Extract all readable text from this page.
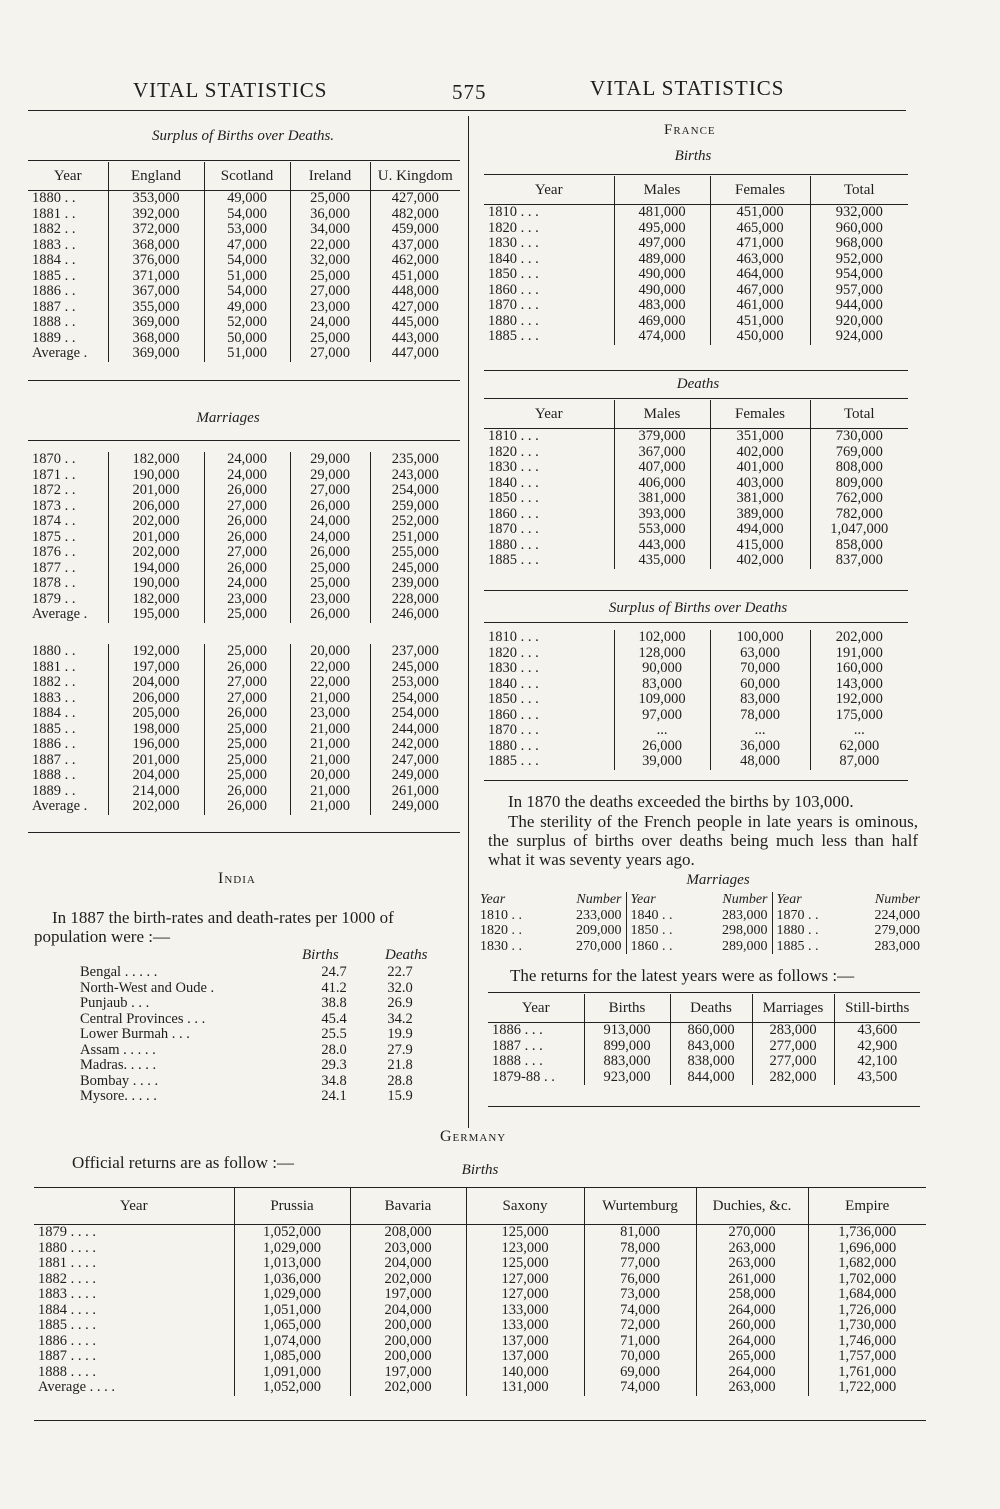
VITAL STATISTICS	575	VITAL STATISTICS
Surplus of Births over Deaths.
Year	England	Scotland	Ireland	U. Kingdom
1880 . .	353,000	49,000	25,000	427,000
1881 . .	392,000	54,000	36,000	482,000
1882 . .	372,000	53,000	34,000	459,000
1883 . .	368,000	47,000	22,000	437,000
1884 . .	376,000	54,000	32,000	462,000
1885 . .	371,000	51,000	25,000	451,000
1886 . .	367,000	54,000	27,000	448,000
1887 . .	355,000	49,000	23,000	427,000
1888 . .	369,000	52,000	24,000	445,000
1889 . .	368,000	50,000	25,000	443,000
Average .	369,000	51,000	27,000	447,000
Marriages
1870 . .	182,000	24,000	29,000	235,000
1871 . .	190,000	24,000	29,000	243,000
1872 . .	201,000	26,000	27,000	254,000
1873 . .	206,000	27,000	26,000	259,000
1874 . .	202,000	26,000	24,000	252,000
1875 . .	201,000	26,000	24,000	251,000
1876 . .	202,000	27,000	26,000	255,000
1877 . .	194,000	26,000	25,000	245,000
1878 . .	190,000	24,000	25,000	239,000
1879 . .	182,000	23,000	23,000	228,000
Average .	195,000	25,000	26,000	246,000
1880 . .	192,000	25,000	20,000	237,000
1881 . .	197,000	26,000	22,000	245,000
1882 . .	204,000	27,000	22,000	253,000
1883 . .	206,000	27,000	21,000	254,000
1884 . .	205,000	26,000	23,000	254,000
1885 . .	198,000	25,000	21,000	244,000
1886 . .	196,000	25,000	21,000	242,000
1887 . .	201,000	25,000	21,000	247,000
1888 . .	204,000	25,000	20,000	249,000
1889 . .	214,000	26,000	21,000	261,000
Average .	202,000	26,000	21,000	249,000
India
In 1887 the birth-rates and death-rates per 1000 of population were :—
Births	Deaths
Bengal . . . . .	24.7	22.7
North-West and Oude .	41.2	32.0
Punjaub . . .	38.8	26.9
Central Provinces . . .	45.4	34.2
Lower Burmah . . .	25.5	19.9
Assam . . . . .	28.0	27.9
Madras. . . . .	29.3	21.8
Bombay . . . .	34.8	28.8
Mysore. . . . .	24.1	15.9
France
Births
Year	Males	Females	Total
1810 . . .	481,000	451,000	932,000
1820 . . .	495,000	465,000	960,000
1830 . . .	497,000	471,000	968,000
1840 . . .	489,000	463,000	952,000
1850 . . .	490,000	464,000	954,000
1860 . . .	490,000	467,000	957,000
1870 . . .	483,000	461,000	944,000
1880 . . .	469,000	451,000	920,000
1885 . . .	474,000	450,000	924,000
Deaths
Year	Males	Females	Total
1810 . . .	379,000	351,000	730,000
1820 . . .	367,000	402,000	769,000
1830 . . .	407,000	401,000	808,000
1840 . . .	406,000	403,000	809,000
1850 . . .	381,000	381,000	762,000
1860 . . .	393,000	389,000	782,000
1870 . . .	553,000	494,000	1,047,000
1880 . . .	443,000	415,000	858,000
1885 . . .	435,000	402,000	837,000
Surplus of Births over Deaths
1810 . . .	102,000	100,000	202,000
1820 . . .	128,000	63,000	191,000
1830 . . .	90,000	70,000	160,000
1840 . . .	83,000	60,000	143,000
1850 . . .	109,000	83,000	192,000
1860 . . .	97,000	78,000	175,000
1870 . . .	...	...	...
1880 . . .	26,000	36,000	62,000
1885 . . .	39,000	48,000	87,000
In 1870 the deaths exceeded the births by 103,000.
The sterility of the French people in late years is ominous, the surplus of births over deaths being much less than half what it was seventy years ago.
Marriages
Year	Number	Year	Number	Year	Number
1810 . .	233,000	1840 . .	283,000	1870 . .	224,000
1820 . .	209,000	1850 . .	298,000	1880 . .	279,000
1830 . .	270,000	1860 . .	289,000	1885 . .	283,000
The returns for the latest years were as follows :—
Year	Births	Deaths	Marriages	Still-births
1886 . . .	913,000	860,000	283,000	43,600
1887 . . .	899,000	843,000	277,000	42,900
1888 . . .	883,000	838,000	277,000	42,100
1879-88 . .	923,000	844,000	282,000	43,500
Germany
Official returns are as follow :—	Births
Year	Prussia	Bavaria	Saxony	Wurtemburg	Duchies, &c.	Empire
1879 . . . .	1,052,000	208,000	125,000	81,000	270,000	1,736,000
1880 . . . .	1,029,000	203,000	123,000	78,000	263,000	1,696,000
1881 . . . .	1,013,000	204,000	125,000	77,000	263,000	1,682,000
1882 . . . .	1,036,000	202,000	127,000	76,000	261,000	1,702,000
1883 . . . .	1,029,000	197,000	127,000	73,000	258,000	1,684,000
1884 . . . .	1,051,000	204,000	133,000	74,000	264,000	1,726,000
1885 . . . .	1,065,000	200,000	133,000	72,000	260,000	1,730,000
1886 . . . .	1,074,000	200,000	137,000	71,000	264,000	1,746,000
1887 . . . .	1,085,000	200,000	137,000	70,000	265,000	1,757,000
1888 . . . .	1,091,000	197,000	140,000	69,000	264,000	1,761,000
Average . . . .	1,052,000	202,000	131,000	74,000	263,000	1,722,000
